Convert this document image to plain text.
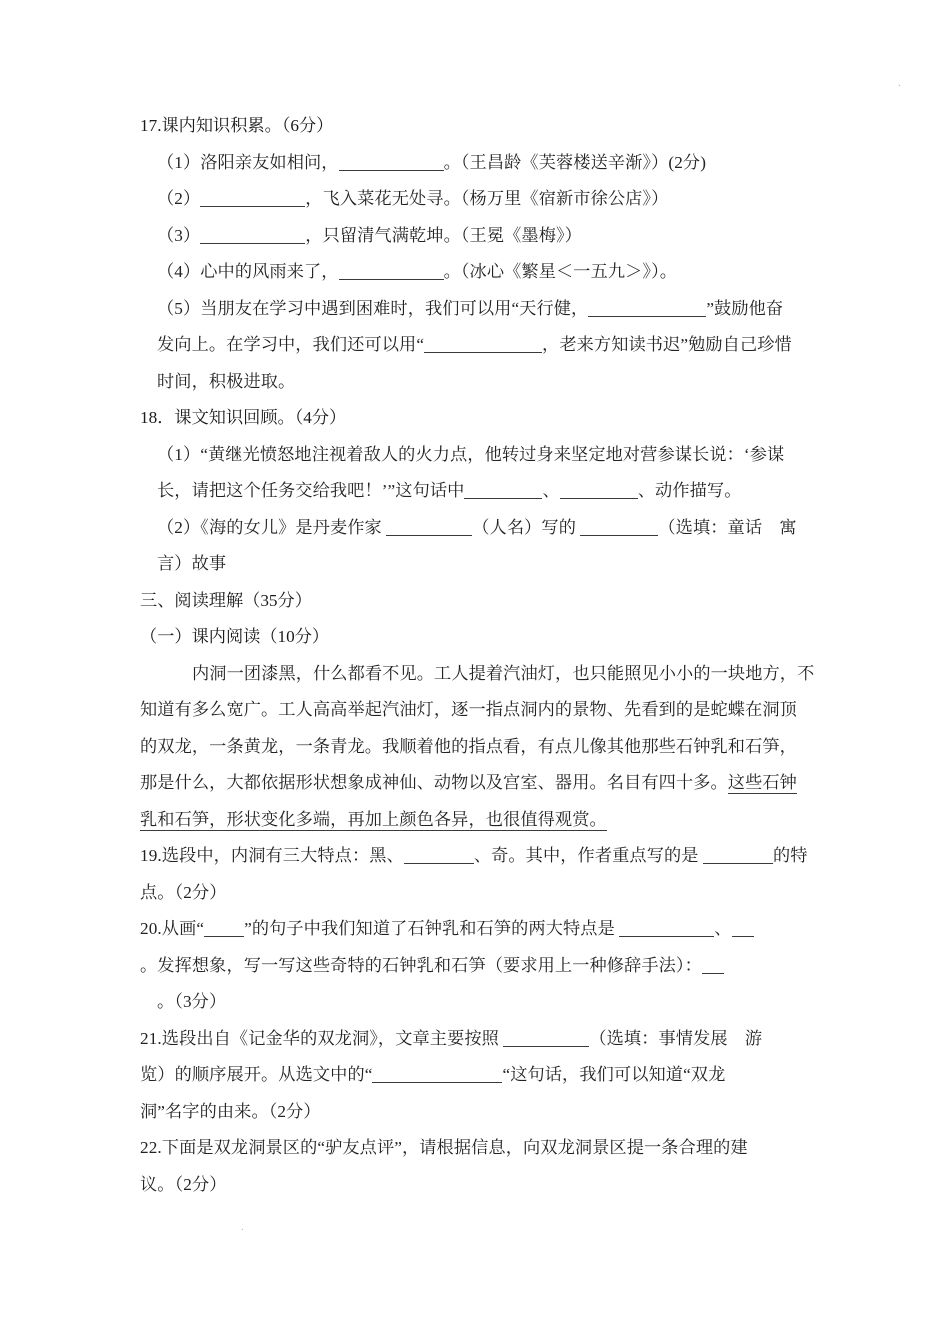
.
.
17.课内知识积累。（6分）
（1）洛阳亲友如相问，	。（王昌龄《芙蓉楼送辛渐》）(2分)
（2）	，飞入菜花无处寻。（杨万里《宿新市徐公店》）
（3）	，只留清气满乾坤。（王冕《墨梅》）
（4）心中的风雨来了，	。（冰心《繁星＜一五九＞》）。
（5）当朋友在学习中遇到困难时，我们可以用“天行健，	”鼓励他奋
发向上。在学习中，我们还可以用“	，老来方知读书迟”勉励自己珍惜
时间，积极进取。
18．课文知识回顾。（4分）
（1）“黄继光愤怒地注视着敌人的火力点，他转过身来坚定地对营参谋长说：‘参谋
长，请把这个任务交给我吧！’”这句话中	、	、动作描写。
（2）《海的女儿》是丹麦作家	（人名）写的	（选填：童话　寓
言）故事
三、阅读理解（35分）
（一）课内阅读（10分）
内洞一团漆黑，什么都看不见。工人提着汽油灯，也只能照见小小的一块地方，不
知道有多么宽广。工人高高举起汽油灯，逐一指点洞内的景物、先看到的是蛇蝶在洞顶
的双龙，一条黄龙，一条青龙。我顺着他的指点看，有点儿像其他那些石钟乳和石笋，
那是什么，大都依据形状想象成神仙、动物以及宫室、器用。名目有四十多。这些石钟
乳和石笋，形状变化多端，再加上颜色各异，也很值得观赏。
19.选段中，内洞有三大特点：黑、	、奇。其中，作者重点写的是	的特
点。（2分）
20.从画“ ”的句子中我们知道了石钟乳和石笋的两大特点是	、
。发挥想象，写一写这些奇特的石钟乳和石笋（要求用上一种修辞手法）：
。（3分）
21.选段出自《记金华的双龙洞》，文章主要按照	（选填：事情发展　游
览）的顺序展开。从选文中的“	“这句话，我们可以知道“双龙
洞”名字的由来。（2分）
22.下面是双龙洞景区的“驴友点评”，请根据信息，向双龙洞景区提一条合理的建
议。（2分）
